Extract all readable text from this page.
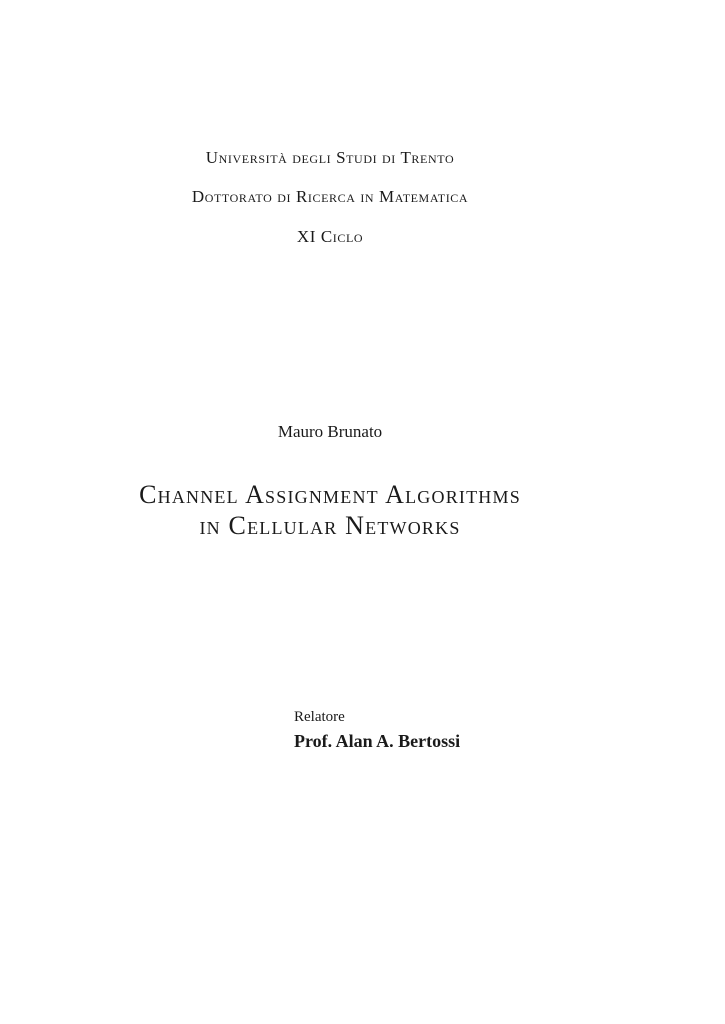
Università degli Studi di Trento
Dottorato di Ricerca in Matematica
XI Ciclo
Mauro Brunato
Channel Assignment Algorithms
in Cellular Networks
Relatore
Prof. Alan A. Bertossi
